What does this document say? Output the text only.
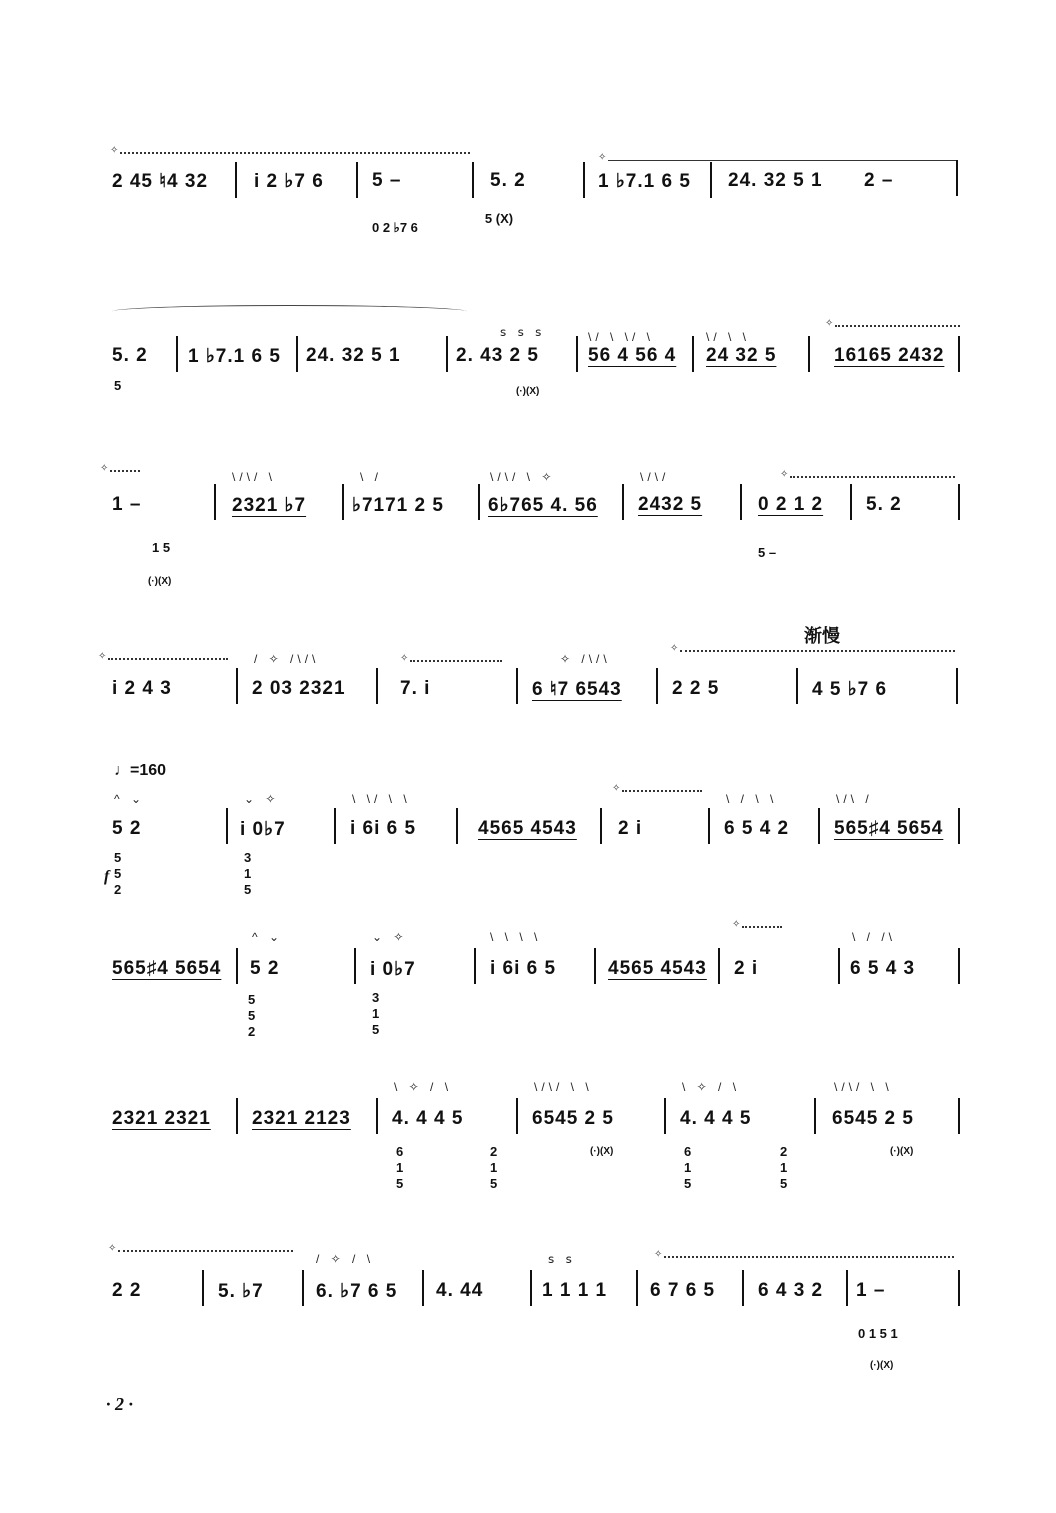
✧
✧
2 45 ♮4 32 i 2 ♭7 6	5 –	5. 2	1 ♭7.1 6 5 24. 32 5 1 2 –
0 2 ♭7 6
5 (X)
✧
ꜱ ꜱ ꜱ	\/ \ \/ \	\/ \ \
5. 2 1 ♭7.1 6 5 24. 32 5 1	2. 43 2 5	56 4 56 4 24 32 5	16165 2432
5	(·)(X)
✧
✧
\/\/ \	\ /	\/\/ \ ✧	\/\/
1 –	2321 ♭7 ♭7171 2 5 6♭765 4. 56 2432 5	0 2 1 2 5. 2
1 5
(·)(X)
5 –
渐慢
✧
✧
✧
/ ✧ /\/\	✧ /\/\
i 2 4 3	2 03 2321	7. i	6 ♮7 6543	2 2 5	4 5 ♭7 6
♩=160
✧
^ ⌄	⌄ ✧	\ \/ \ \	\ / \ \	\/\ /
5 2	i 0♭7	i 6i 6 5	4565 4543 2 i	6 5 4 2 565♯4 5654
f
5 5 2
3 1 5
✧
^ ⌄	⌄ ✧	\ \ \ \	\ / /\
565♯4 5654 5 2	i 0♭7	i 6i 6 5	4565 4543 2 i	6 5 4 3
5 5 2
3 1 5
\ ✧ / \	\/\/ \ \	\ ✧ / \	\/\/ \ \
2321 2321 2321 2123 4. 4 4 5	6545 2 5	4. 4 4 5	6545 2 5
6 1 5
2 1 5
(·)(X)	6 1 5
2 1 5
(·)(X)
✧
✧
/ ✧ / \	ꜱ ꜱ
2 2	5. ♭7	6. ♭7 6 5 4. 44	1 1 1 1 6 7 6 5 6 4 3 2 1 –
0 1 5 1
(·)(X)
· 2 ·
